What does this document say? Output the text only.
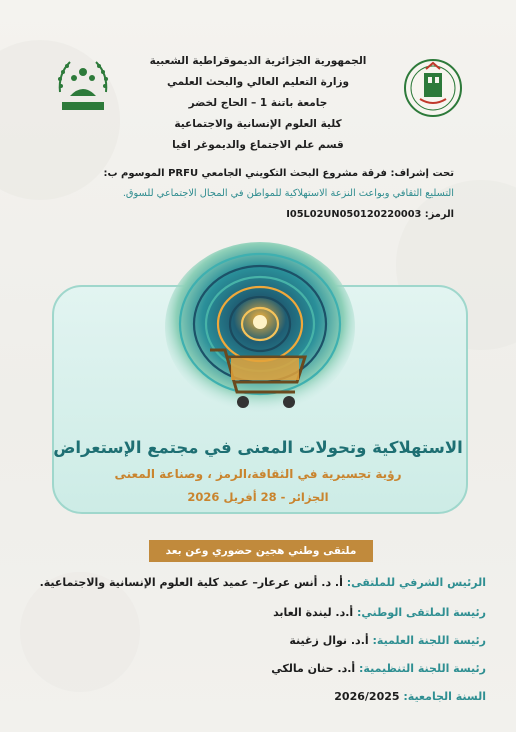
الجمهورية الجزائرية الديموقراطية الشعبية
وزارة التعليم العالي والبحث العلمي
جامعة باتنة 1 – الحاج لخضر
كلية العلوم الإنسانية والاجتماعية
قسم علم الاجتماع والديموغر افيا
تحت إشراف: فرقة مشروع البحث التكويني الجامعي PRFU الموسوم ب:
التسليع الثقافي وبواعث النزعة الاستهلاكية للمواطن في المجال الاجتماعي للسوق.
الرمز: I05L02UN050120220003
الاستهلاكية وتحولات المعنى في مجتمع الإستعراض
رؤية تجسيرية في الثقافة،الرمز ، وصناعة المعنى
الجزائر - 28 أفريل 2026
ملتقى وطني هجين حضوري وعن بعد
الرئيس الشرفي للملتقى: أ. د. أنس عرعار– عميد كلية العلوم الإنسانية والاجتماعية.
رئيسة الملتقى الوطني: أ.د. ليندة العابد
رئيسة اللجنة العلمية: أ.د. نوال زغينة
رئيسة اللجنة التنظيمية: أ.د. حنان مالكي
السنة الجامعية: 2026/2025
